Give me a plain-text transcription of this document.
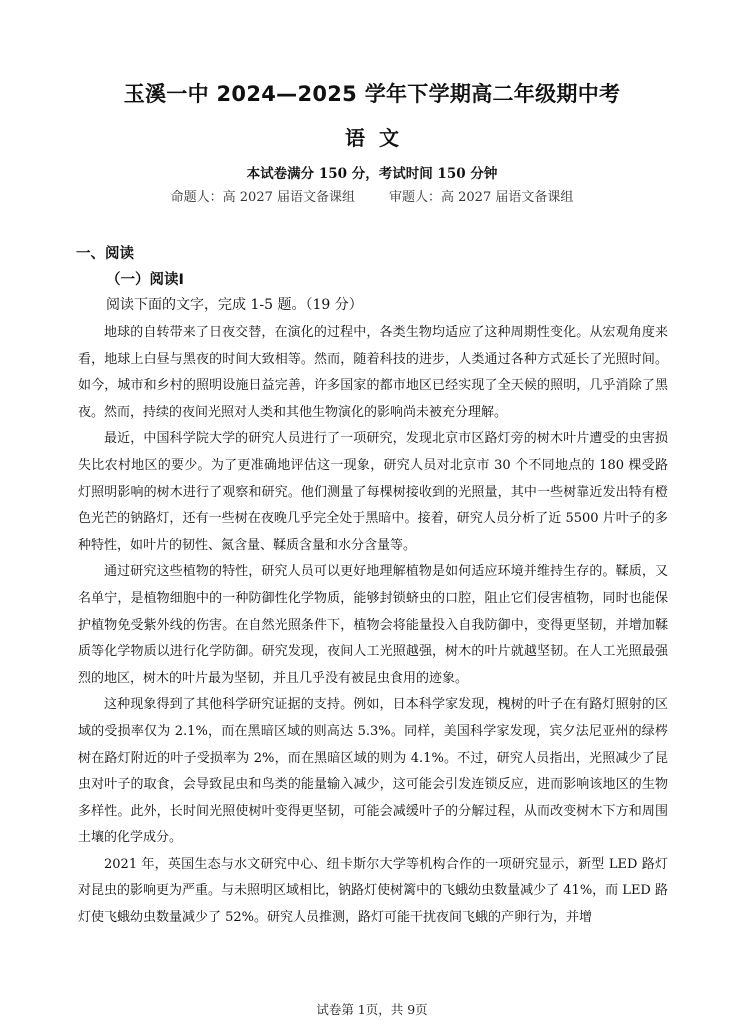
玉溪一中 2024—2025 学年下学期高二年级期中考
语文
本试卷满分 150 分，考试时间 150 分钟
命题人：高 2027 届语文备课组	审题人：高 2027 届语文备课组
一、阅读
（一）阅读Ⅰ
阅读下面的文字，完成 1-5 题。（19 分）

地球的自转带来了日夜交替，在演化的过程中，各类生物均适应了这种周期性变化。从宏观角度来看，地球上白昼与黑夜的时间大致相等。然而，随着科技的进步，人类通过各种方式延长了光照时间。如今，城市和乡村的照明设施日益完善，许多国家的都市地区已经实现了全天候的照明，几乎消除了黑夜。然而，持续的夜间光照对人类和其他生物演化的影响尚未被充分理解。

最近，中国科学院大学的研究人员进行了一项研究，发现北京市区路灯旁的树木叶片遭受的虫害损失比农村地区的要少。为了更准确地评估这一现象，研究人员对北京市 30 个不同地点的 180 棵受路灯照明影响的树木进行了观察和研究。他们测量了每棵树接收到的光照量，其中一些树靠近发出特有橙色光芒的钠路灯，还有一些树在夜晚几乎完全处于黑暗中。接着，研究人员分析了近 5500 片叶子的多种特性，如叶片的韧性、氮含量、鞣质含量和水分含量等。

通过研究这些植物的特性，研究人员可以更好地理解植物是如何适应环境并维持生存的。鞣质，又名单宁，是植物细胞中的一种防御性化学物质，能够封锁蛴虫的口腔，阻止它们侵害植物，同时也能保护植物免受紫外线的伤害。在自然光照条件下，植物会将能量投入自我防御中，变得更坚韧，并增加鞣质等化学物质以进行化学防御。研究发现，夜间人工光照越强，树木的叶片就越坚韧。在人工光照最强烈的地区，树木的叶片最为坚韧，并且几乎没有被昆虫食用的迹象。

这种现象得到了其他科学研究证据的支持。例如，日本科学家发现，槐树的叶子在有路灯照射的区域的受损率仅为 2.1%，而在黑暗区域的则高达 5.3%。同样，美国科学家发现，宾夕法尼亚州的绿梣树在路灯附近的叶子受损率为 2%，而在黑暗区域的则为 4.1%。不过，研究人员指出，光照减少了昆虫对叶子的取食，会导致昆虫和鸟类的能量输入减少，这可能会引发连锁反应，进而影响该地区的生物多样性。此外，长时间光照使树叶变得更坚韧，可能会减缓叶子的分解过程，从而改变树木下方和周围土壤的化学成分。

2021 年，英国生态与水文研究中心、纽卡斯尔大学等机构合作的一项研究显示，新型 LED 路灯对昆虫的影响更为严重。与未照明区域相比，钠路灯使树篱中的飞蛾幼虫数量减少了 41%，而 LED 路灯使飞蛾幼虫数量减少了 52%。研究人员推测，路灯可能干扰夜间飞蛾的产卵行为，并增

试卷第 1页，共 9页
